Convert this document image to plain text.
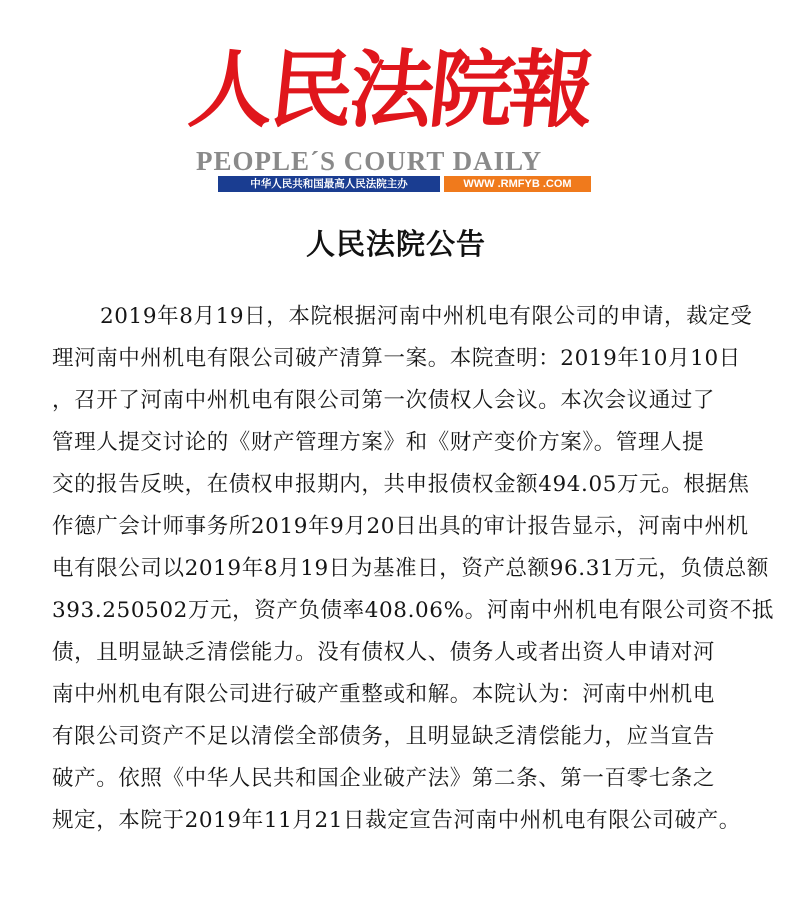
人民法院報
PEOPLE´S COURT DAILY
中华人民共和国最高人民法院主办	WWW .RMFYB .COM
人民法院公告
2019年8月19日，本院根据河南中州机电有限公司的申请，裁定受
理河南中州机电有限公司破产清算一案。本院查明：2019年10月10日
，召开了河南中州机电有限公司第一次债权人会议。本次会议通过了
管理人提交讨论的《财产管理方案》和《财产变价方案》。管理人提
交的报告反映，在债权申报期内，共申报债权金额494.05万元。根据焦
作德广会计师事务所2019年9月20日出具的审计报告显示，河南中州机
电有限公司以2019年8月19日为基准日，资产总额96.31万元，负债总额
393.250502万元，资产负债率408.06%。河南中州机电有限公司资不抵
债，且明显缺乏清偿能力。没有债权人、债务人或者出资人申请对河
南中州机电有限公司进行破产重整或和解。本院认为：河南中州机电
有限公司资产不足以清偿全部债务，且明显缺乏清偿能力，应当宣告
破产。依照《中华人民共和国企业破产法》第二条、第一百零七条之
规定，本院于2019年11月21日裁定宣告河南中州机电有限公司破产。
